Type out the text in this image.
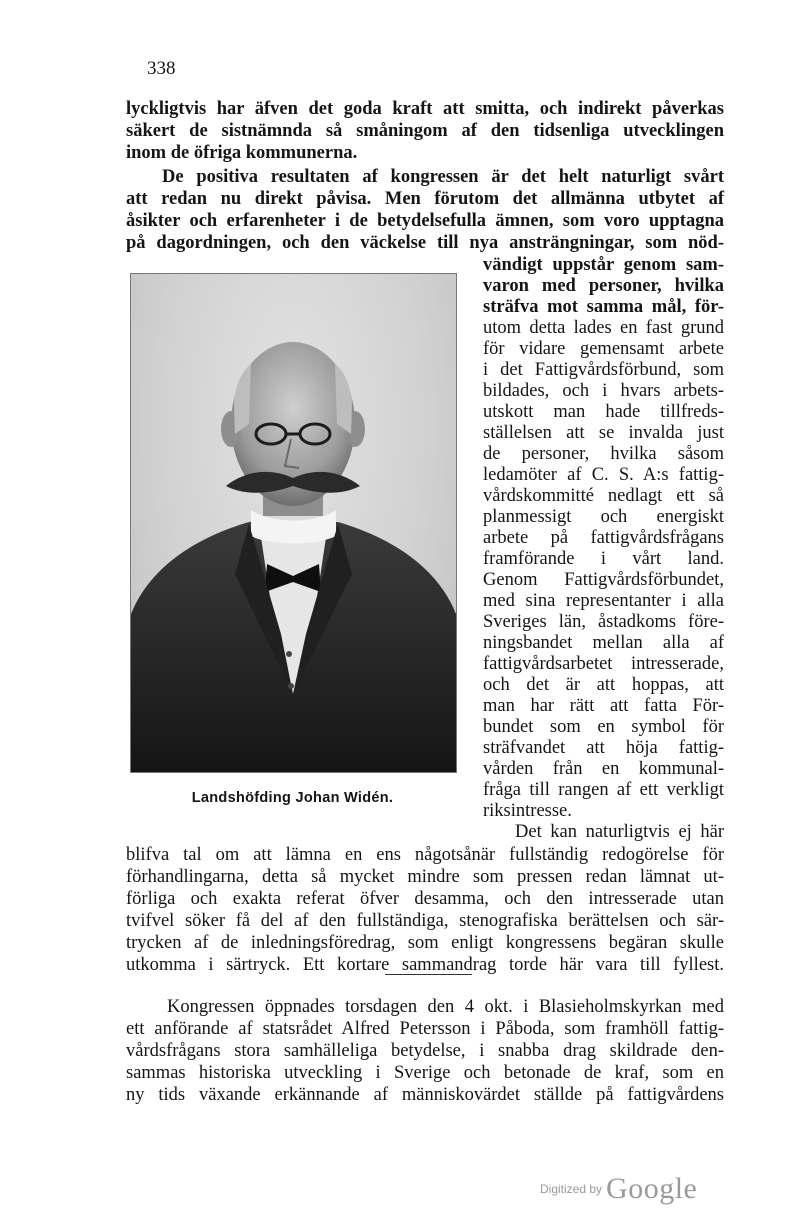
338
lyckligtvis har äfven det goda kraft att smitta, och indirekt påverkas
säkert de sistnämnda så småningom af den tidsenliga utvecklingen
inom de öfriga kommunerna.
De positiva resultaten af kongressen är det helt naturligt svårt
att redan nu direkt påvisa. Men förutom det allmänna utbytet af
åsikter och erfarenheter i de betydelsefulla ämnen, som voro upptagna
på dagordningen, och den väckelse till nya ansträngningar, som nöd-
vändigt uppstår genom sam-
varon med personer, hvilka
sträfva mot samma mål, för-
utom detta lades en fast grund
för vidare gemensamt arbete
i det Fattigvårdsförbund, som
bildades, och i hvars arbets-
utskott man hade tillfreds-
ställelsen att se invalda just
de personer, hvilka såsom
ledamöter af C. S. A:s fattig-
vårdskommitté nedlagt ett så
planmessigt och energiskt
arbete på fattigvårdsfrågans
framförande i vårt land.
Genom Fattigvårdsförbundet,
med sina representanter i alla
Sveriges län, åstadkoms före-
ningsbandet mellan alla af
fattigvårdsarbetet intresserade,
och det är att hoppas, att
man har rätt att fatta För-
bundet som en symbol för
sträfvandet att höja fattig-
vården från en kommunal-
fråga till rangen af ett verkligt
riksintresse.
Landshöfding Johan Widén.
Det kan naturligtvis ej här
blifva tal om att lämna en ens någotsånär fullständig redogörelse för
förhandlingarna, detta så mycket mindre som pressen redan lämnat ut-
förliga och exakta referat öfver desamma, och den intresserade utan
tvifvel söker få del af den fullständiga, stenografiska berättelsen och sär-
trycken af de inledningsföredrag, som enligt kongressens begäran skulle
utkomma i särtryck. Ett kortare sammandrag torde här vara till fyllest.
Kongressen öppnades torsdagen den 4 okt. i Blasieholmskyrkan med
ett anförande af statsrådet Alfred Petersson i Påboda, som framhöll fattig-
vårdsfrågans stora samhälleliga betydelse, i snabba drag skildrade den-
sammas historiska utveckling i Sverige och betonade de kraf, som en
ny tids växande erkännande af människovärdet ställde på fattigvårdens
Digitized by Google
